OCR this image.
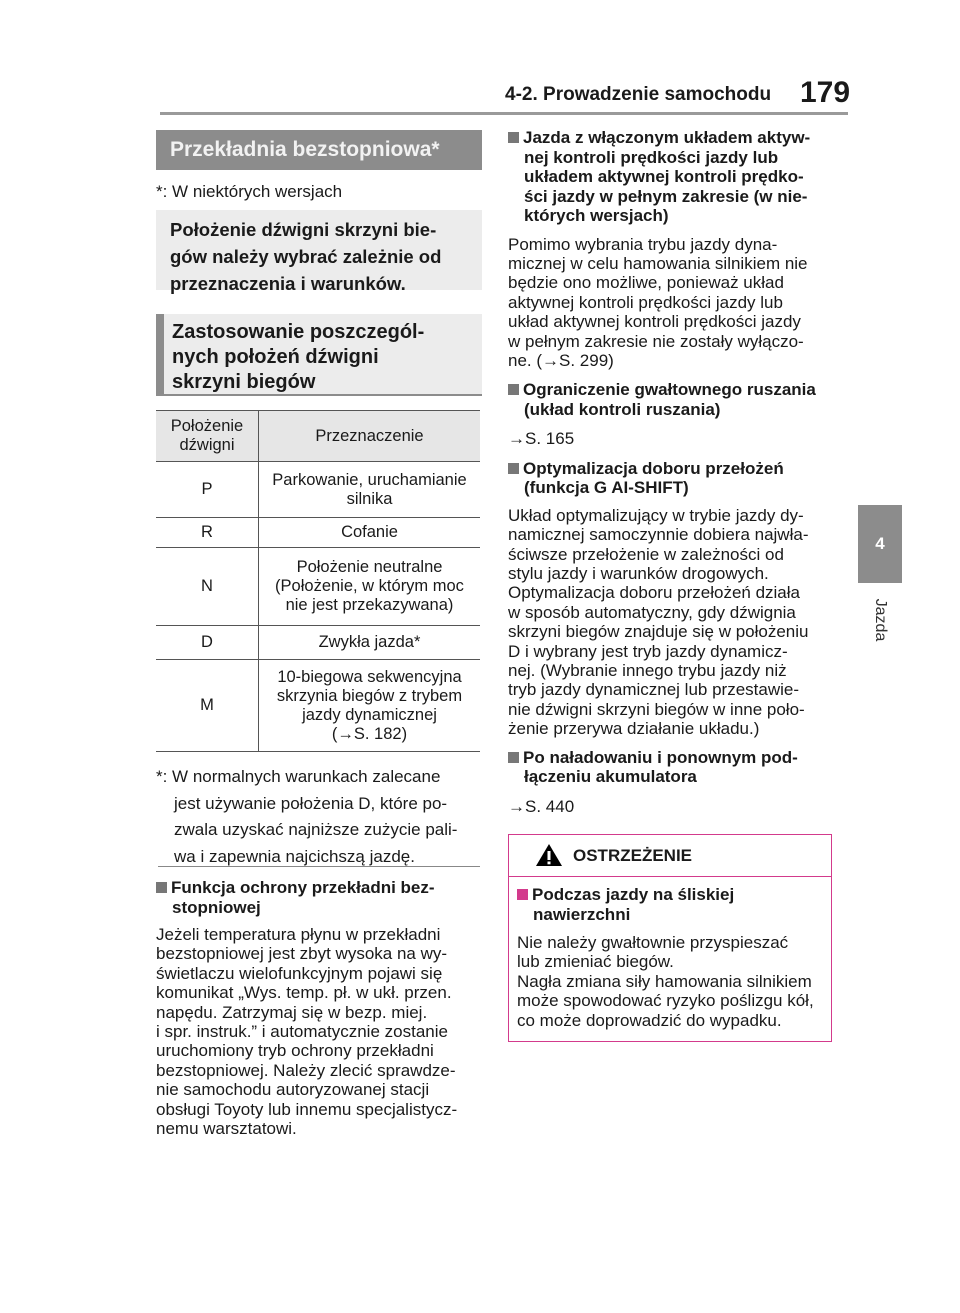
4-2. Prowadzenie samochodu 179
4
Jazda
Przekładnia bezstopniowa*
*: W niektórych wersjach
Położenie dźwigni skrzyni bie-
gów należy wybrać zależnie od
przeznaczenia i warunków.
Zastosowanie poszczegól-
nych położeń dźwigni
skrzyni biegów
Położenie
dźwigni	Przeznaczenie
P	Parkowanie, uruchamianie
silnika
R	Cofanie
N	Położenie neutralne
(Położenie, w którym moc
nie jest przekazywana)
D	Zwykła jazda*
M	10-biegowa sekwencyjna
skrzynia biegów z trybem
jazdy dynamicznej
(→S. 182)
*: W normalnych warunkach zalecane
jest używanie położenia D, które po-
zwala uzyskać najniższe zużycie pali-
wa i zapewnia najcichszą jazdę.
Funkcja ochrony przekładni bez-
stopniowej
Jeżeli temperatura płynu w przekładni
bezstopniowej jest zbyt wysoka na wy-
świetlaczu wielofunkcyjnym pojawi się
komunikat „Wys. temp. pł. w ukł. przen.
napędu. Zatrzymaj się w bezp. miej.
i spr. instruk.” i automatycznie zostanie
uruchomiony tryb ochrony przekładni
bezstopniowej. Należy zlecić sprawdze-
nie samochodu autoryzowanej stacji
obsługi Toyoty lub innemu specjalistycz-
nemu warsztatowi.
Jazda z włączonym układem aktyw-
nej kontroli prędkości jazdy lub
układem aktywnej kontroli prędko-
ści jazdy w pełnym zakresie (w nie-
których wersjach)
Pomimo wybrania trybu jazdy dyna-
micznej w celu hamowania silnikiem nie
będzie ono możliwe, ponieważ układ
aktywnej kontroli prędkości jazdy lub
układ aktywnej kontroli prędkości jazdy
w pełnym zakresie nie zostały wyłączo-
ne. (→S. 299)
Ograniczenie gwałtownego ruszania
(układ kontroli ruszania)
→S. 165
Optymalizacja doboru przełożeń
(funkcja G AI-SHIFT)
Układ optymalizujący w trybie jazdy dy-
namicznej samoczynnie dobiera najwła-
ściwsze przełożenie w zależności od
stylu jazdy i warunków drogowych.
Optymalizacja doboru przełożeń działa
w sposób automatyczny, gdy dźwignia
skrzyni biegów znajduje się w położeniu
D i wybrany jest tryb jazdy dynamicz-
nej. (Wybranie innego trybu jazdy niż
tryb jazdy dynamicznej lub przestawie-
nie dźwigni skrzyni biegów w inne poło-
żenie przerywa działanie układu.)
Po naładowaniu i ponownym pod-
łączeniu akumulatora
→S. 440
OSTRZEŻENIE
Podczas jazdy na śliskiej
nawierzchni
Nie należy gwałtownie przyspieszać
lub zmieniać biegów.
Nagła zmiana siły hamowania silnikiem
może spowodować ryzyko poślizgu kół,
co może doprowadzić do wypadku.
